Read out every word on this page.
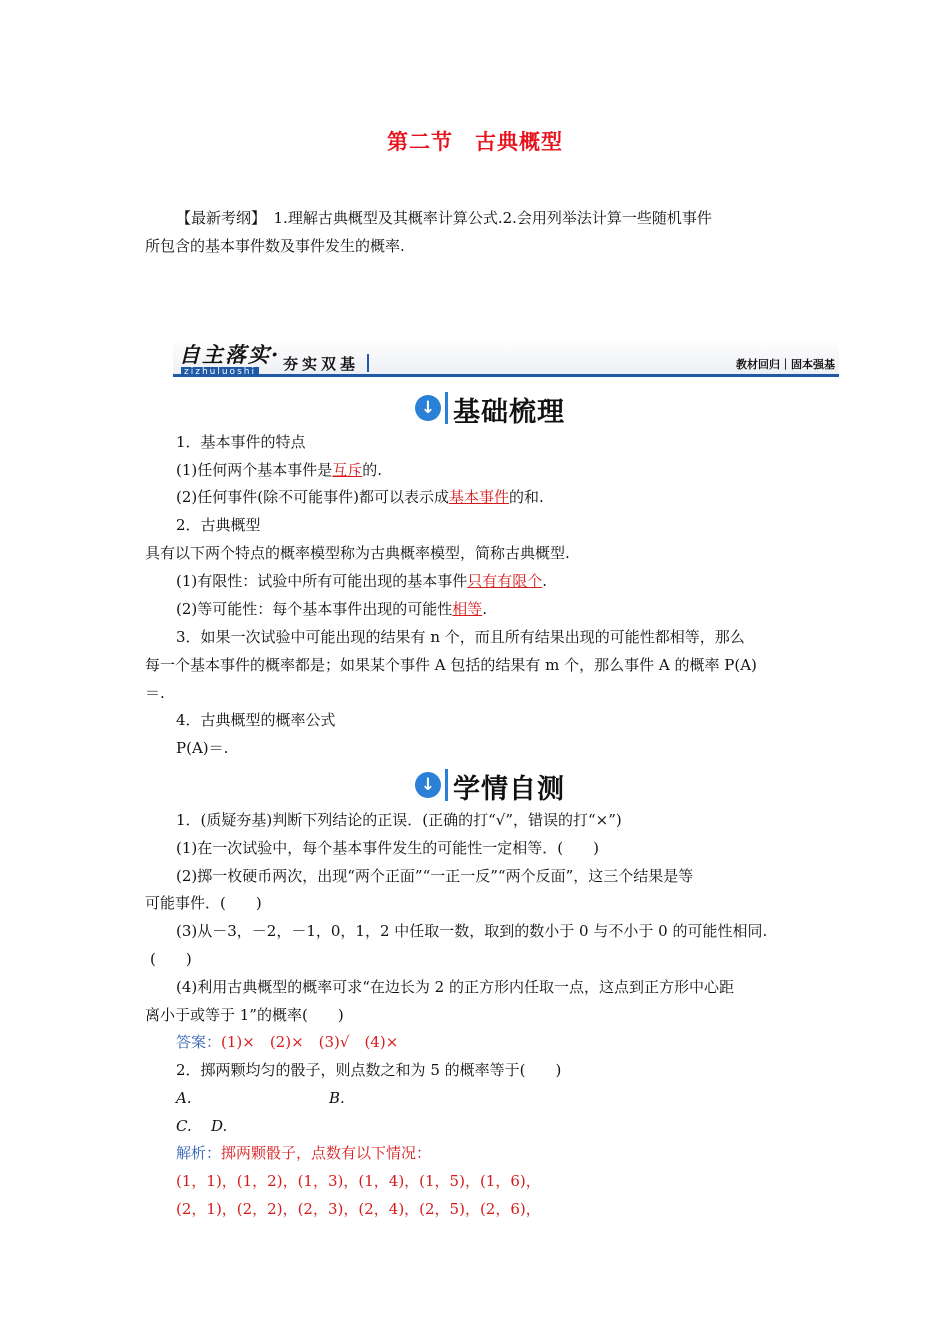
第二节　古典概型
【最新考纲】　1.理解古典概型及其概率计算公式.2.会用列举法计算一些随机事件
所包含的基本事件数及事件发生的概率.
自主落实·
zizhuluoshi 夯实双基	教材回归｜固本强基
↓ 基础梳理
1．基本事件的特点
(1)任何两个基本事件是互斥的.
(2)任何事件(除不可能事件)都可以表示成基本事件的和.
2．古典概型
具有以下两个特点的概率模型称为古典概率模型，简称古典概型.
(1)有限性：试验中所有可能出现的基本事件只有有限个.
(2)等可能性：每个基本事件出现的可能性相等.
3．如果一次试验中可能出现的结果有 n 个，而且所有结果出现的可能性都相等，那么
每一个基本事件的概率都是；如果某个事件 A 包括的结果有 m 个，那么事件 A 的概率 P(A)
＝.
4．古典概型的概率公式
P(A)＝.
↓ 学情自测
1．(质疑夯基)判断下列结论的正误．(正确的打“√”，错误的打“×”)
(1)在一次试验中，每个基本事件发生的可能性一定相等．(　　)
(2)掷一枚硬币两次，出现“两个正面”“一正一反”“两个反面”，这三个结果是等
可能事件．(　　)
(3)从－3，－2，－1，0，1，2 中任取一数，取到的数小于 0 与不小于 0 的可能性相同.
(　　)
(4)利用古典概型的概率可求“在边长为 2 的正方形内任取一点，这点到正方形中心距
离小于或等于 1”的概率(　　)
答案：(1)×　(2)×　(3)√　(4)×
2．掷两颗均匀的骰子，则点数之和为 5 的概率等于(　　)
A.	B.
C. D.
解析：掷两颗骰子，点数有以下情况：
(1，1)，(1，2)，(1，3)，(1，4)，(1，5)，(1，6)，
(2，1)，(2，2)，(2，3)，(2，4)，(2，5)，(2，6)，
